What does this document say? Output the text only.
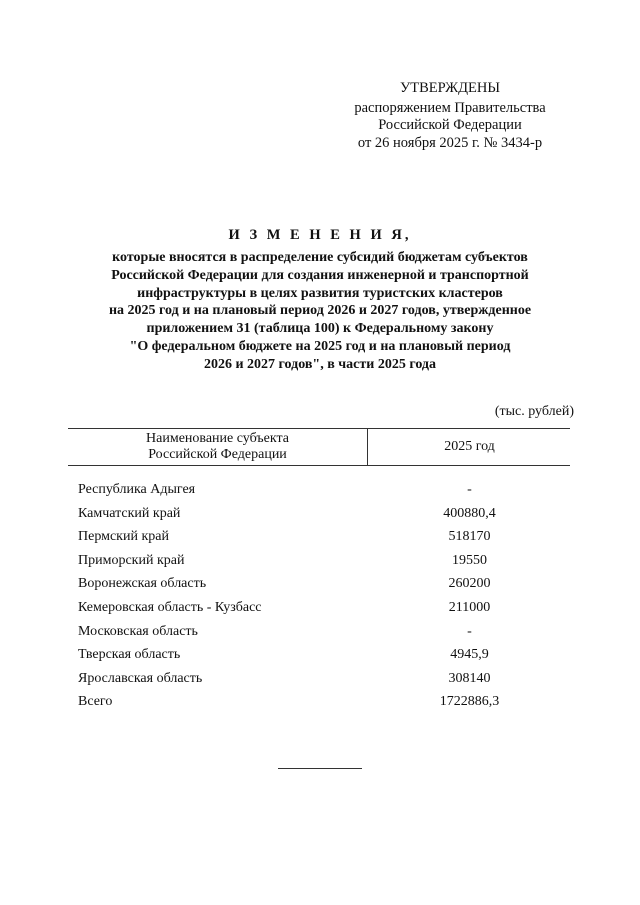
УТВЕРЖДЕНЫ
распоряжением Правительства
Российской Федерации
от 26 ноября 2025 г. № 3434-р
И З М Е Н Е Н И Я,
которые вносятся в распределение субсидий бюджетам субъектов
Российской Федерации для создания инженерной и транспортной
инфраструктуры в целях развития туристских кластеров
на 2025 год и на плановый период 2026 и 2027 годов, утвержденное
приложением 31 (таблица 100) к Федеральному закону
"О федеральном бюджете на 2025 год и на плановый период
2026 и 2027 годов", в части 2025 года
(тыс. рублей)
Наименование субъекта
Российской Федерации
2025 год
Республика Адыгея	-
Камчатский край	400880,4
Пермский край	518170
Приморский край	19550
Воронежская область	260200
Кемеровская область - Кузбасс	211000
Московская область	-
Тверская область	4945,9
Ярославская область	308140
Всего	1722886,3
